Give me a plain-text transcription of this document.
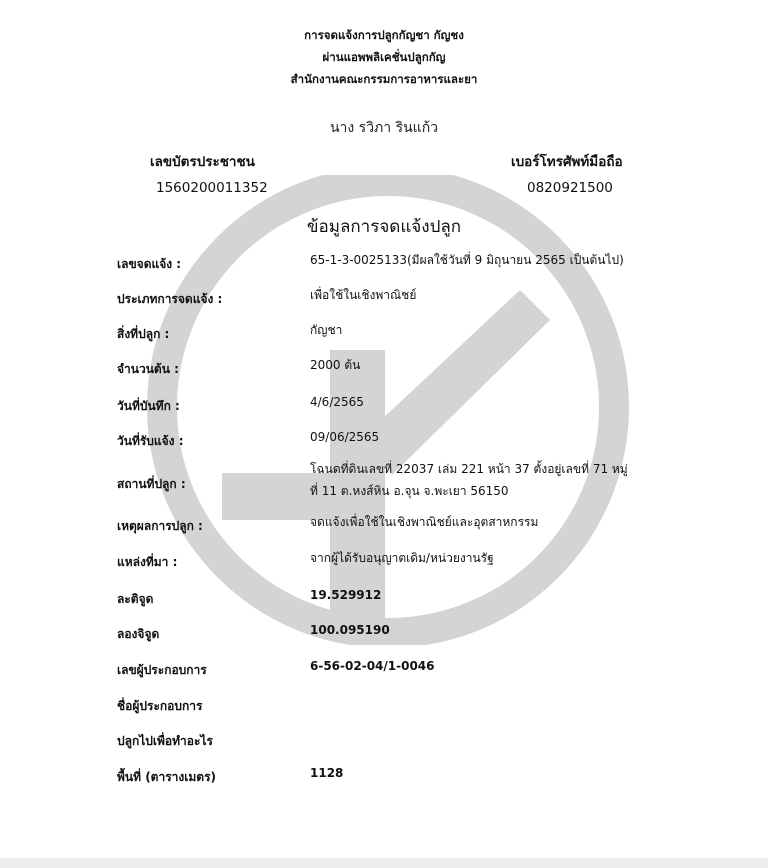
การจดแจ้งการปลูกกัญชา กัญชง
ผ่านแอพพลิเคชั่นปลูกกัญ
สำนักงานคณะกรรมการอาหารและยา
นาง รวิภา รินแก้ว
เลขบัตรประชาชน	เบอร์โทรศัพท์มือถือ
1560200011352	0820921500
ข้อมูลการจดแจ้งปลูก
เลขจดแจ้ง :	65-1-3-0025133(มีผลใช้วันที่ 9 มิถุนายน 2565 เป็นต้นไป)
ประเภทการจดแจ้ง :	เพื่อใช้ในเชิงพาณิชย์
สิ่งที่ปลูก :	กัญชา
จำนวนต้น :	2000 ต้น
วันที่บันทึก :	4/6/2565
วันที่รับแจ้ง :	09/06/2565
สถานที่ปลูก :
โฉนดที่ดินเลขที่ 22037 เล่ม 221 หน้า 37 ตั้งอยู่เลขที่ 71 หมู่ที่ 11 ต.หงส์หิน อ.จุน จ.พะเยา 56150
เหตุผลการปลูก :	จดแจ้งเพื่อใช้ในเชิงพาณิชย์และอุตสาหกรรม
แหล่งที่มา :	จากผู้ได้รับอนุญาตเดิม/หน่วยงานรัฐ
ละติจูด	19.529912
ลองจิจูด	100.095190
เลขผู้ประกอบการ	6-56-02-04/1-0046
ชื่อผู้ประกอบการ
ปลูกไปเพื่อทำอะไร
พื้นที่ (ตารางเมตร)	1128
